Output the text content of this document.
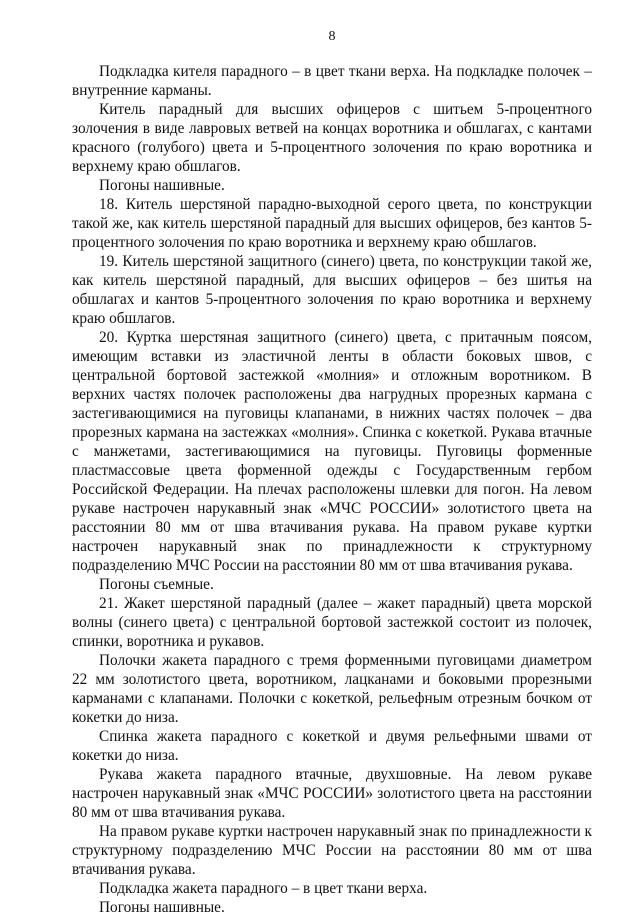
8

Подкладка кителя парадного – в цвет ткани верха. На подкладке полочек – внутренние карманы.

Китель парадный для высших офицеров с шитьем 5-процентного золочения в виде лавровых ветвей на концах воротника и обшлагах, с кантами красного (голубого) цвета и 5-процентного золочения по краю воротника и верхнему краю обшлагов.

Погоны нашивные.

18. Китель шерстяной парадно-выходной серого цвета, по конструкции такой же, как китель шерстяной парадный для высших офицеров, без кантов 5-процентного золочения по краю воротника и верхнему краю обшлагов.

19. Китель шерстяной защитного (синего) цвета, по конструкции такой же, как китель шерстяной парадный, для высших офицеров – без шитья на обшлагах и кантов 5-процентного золочения по краю воротника и верхнему краю обшлагов.

20. Куртка шерстяная защитного (синего) цвета, с притачным поясом, имеющим вставки из эластичной ленты в области боковых швов, с центральной бортовой застежкой «молния» и отложным воротником. В верхних частях полочек расположены два нагрудных прорезных кармана с застегивающимися на пуговицы клапанами, в нижних частях полочек – два прорезных кармана на застежках «молния». Спинка с кокеткой. Рукава втачные с манжетами, застегивающимися на пуговицы. Пуговицы форменные пластмассовые цвета форменной одежды с Государственным гербом Российской Федерации. На плечах расположены шлевки для погон. На левом рукаве настрочен нарукавный знак «МЧС РОССИИ» золотистого цвета на расстоянии 80 мм от шва втачивания рукава. На правом рукаве куртки настрочен нарукавный знак по принадлежности к структурному подразделению МЧС России на расстоянии 80 мм от шва втачивания рукава.

Погоны съемные.

21. Жакет шерстяной парадный (далее – жакет парадный) цвета морской волны (синего цвета) с центральной бортовой застежкой состоит из полочек, спинки, воротника и рукавов.

Полочки жакета парадного с тремя форменными пуговицами диаметром 22 мм золотистого цвета, воротником, лацканами и боковыми прорезными карманами с клапанами. Полочки с кокеткой, рельефным отрезным бочком от кокетки до низа.

Спинка жакета парадного с кокеткой и двумя рельефными швами от кокетки до низа.

Рукава жакета парадного втачные, двухшовные. На левом рукаве настрочен нарукавный знак «МЧС РОССИИ» золотистого цвета на расстоянии 80 мм от шва втачивания рукава.

На правом рукаве куртки настрочен нарукавный знак по принадлежности к структурному подразделению МЧС России на расстоянии 80 мм от шва втачивания рукава.

Подкладка жакета парадного – в цвет ткани верха.

Погоны нашивные.
